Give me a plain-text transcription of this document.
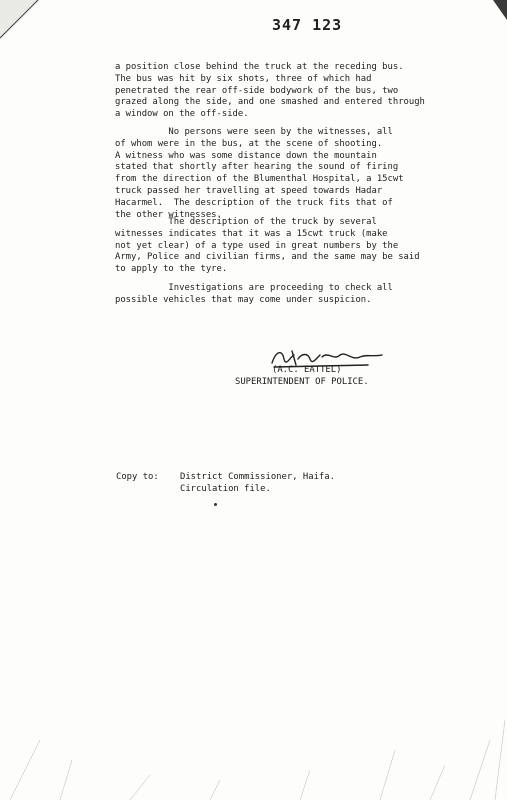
347 123
a position close behind the truck at the receding bus.
The bus was hit by six shots, three of which had
penetrated the rear off-side bodywork of the bus, two
grazed along the side, and one smashed and entered through
a window on the off-side.
No persons were seen by the witnesses, all
of whom were in the bus, at the scene of shooting.
A witness who was some distance down the mountain
stated that shortly after hearing the sound of firing
from the direction of the Blumenthal Hospital, a 15cwt
truck passed her travelling at speed towards Hadar
Hacarmel.  The description of the truck fits that of
the other witnesses.
The description of the truck by several
witnesses indicates that it was a 15cwt truck (make
not yet clear) of a type used in great numbers by the
Army, Police and civilian firms, and the same may be said
to apply to the tyre.
Investigations are proceeding to check all
possible vehicles that may come under suspicion.
(A.C. EATTEL)
SUPERINTENDENT OF POLICE.
Copy to: District Commissioner, Haifa.
Circulation file.
